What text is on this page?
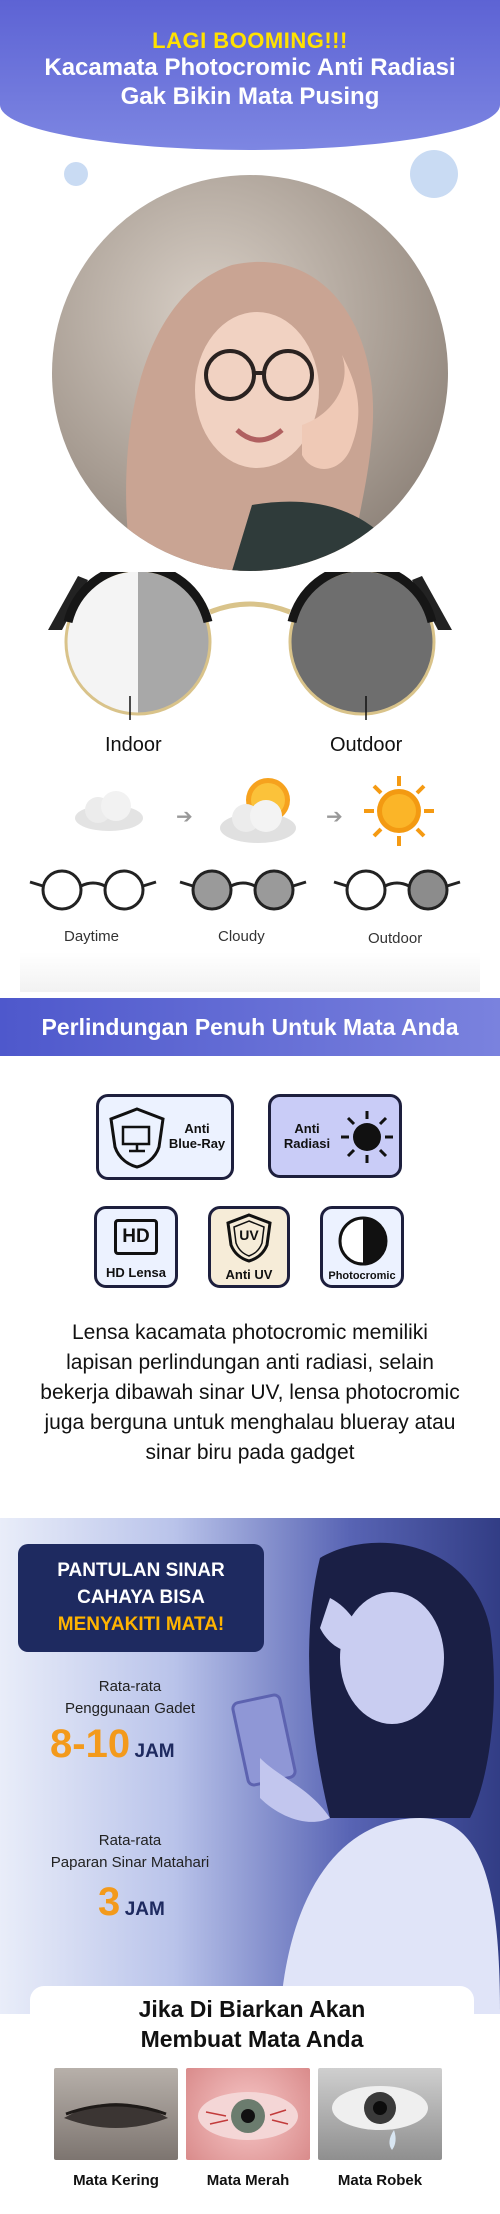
LAGI BOOMING!!!
Kacamata Photocromic Anti Radiasi
Gak Bikin Mata Pusing
Indoor	Outdoor
➔	➔
Daytime	Cloudy	Outdoor
Perlindungan Penuh Untuk Mata Anda
Anti
Blue-Ray
Anti
Radiasi
HD
HD Lensa
UV
Anti UV	Photocromic
Lensa kacamata photocromic memiliki lapisan perlindungan anti radiasi, selain bekerja dibawah sinar UV, lensa photocromic juga berguna untuk menghalau blueray atau sinar biru pada gadget
PANTULAN SINAR
CAHAYA BISA
MENYAKITI MATA!
Rata-rata
Penggunaan Gadet
8-10 JAM
Rata-rata
Paparan Sinar Matahari
3 JAM
Jika Di Biarkan Akan
Membuat Mata Anda
Mata Kering	Mata Merah	Mata Robek
